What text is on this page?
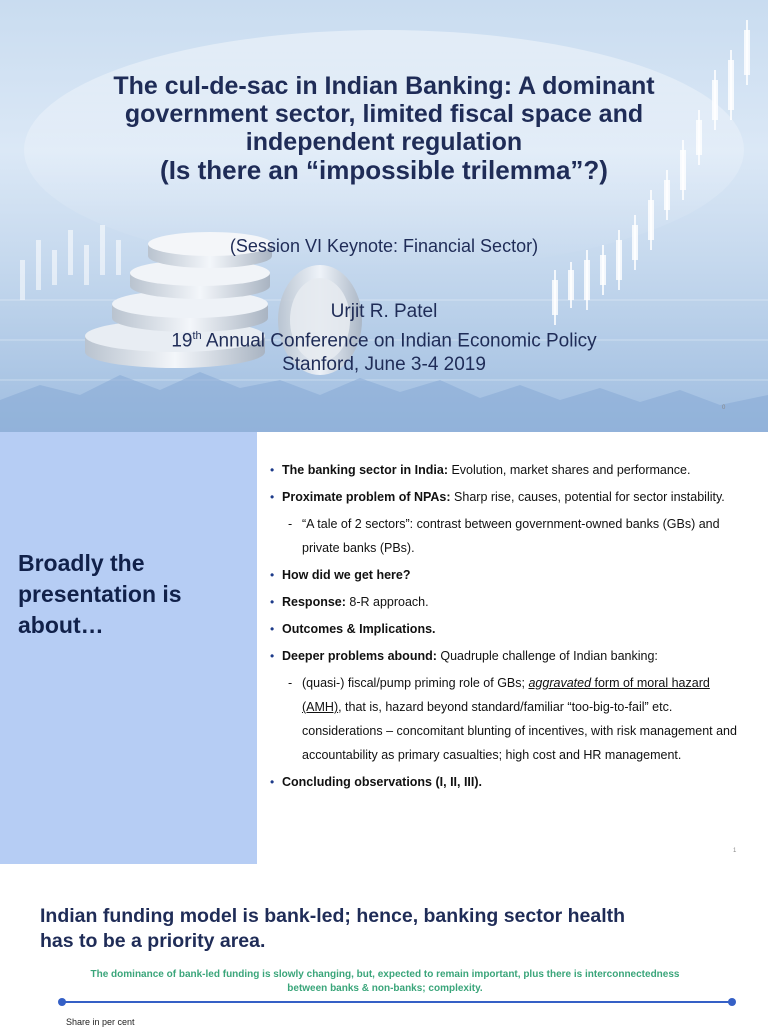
The cul-de-sac in Indian Banking: A dominant
government sector, limited fiscal space and
independent regulation
(Is there an “impossible trilemma”?)
(Session VI Keynote: Financial Sector)
Urjit R. Patel
19th Annual Conference on Indian Economic Policy
Stanford, June 3-4 2019
0
Broadly the
presentation is
about…
• The banking sector in India: Evolution, market shares and performance.
• Proximate problem of NPAs: Sharp rise, causes, potential for sector instability.
- “A tale of 2 sectors”: contrast between government-owned banks (GBs) and private banks (PBs).
• How did we get here?
• Response: 8-R approach.
• Outcomes & Implications.
• Deeper problems abound: Quadruple challenge of Indian banking:
- (quasi-) fiscal/pump priming role of GBs; aggravated form of moral hazard (AMH), that is, hazard beyond standard/familiar “too-big-to-fail” etc. considerations – concomitant blunting of incentives, with risk management and accountability as primary casualties; high cost and HR management.
• Concluding observations (I, II, III).
1
Indian funding model is bank-led; hence, banking sector health
has to be a priority area.
The dominance of bank-led funding is slowly changing, but, expected to remain important, plus there is interconnectedness
between banks & non-banks; complexity.
Share in per cent
